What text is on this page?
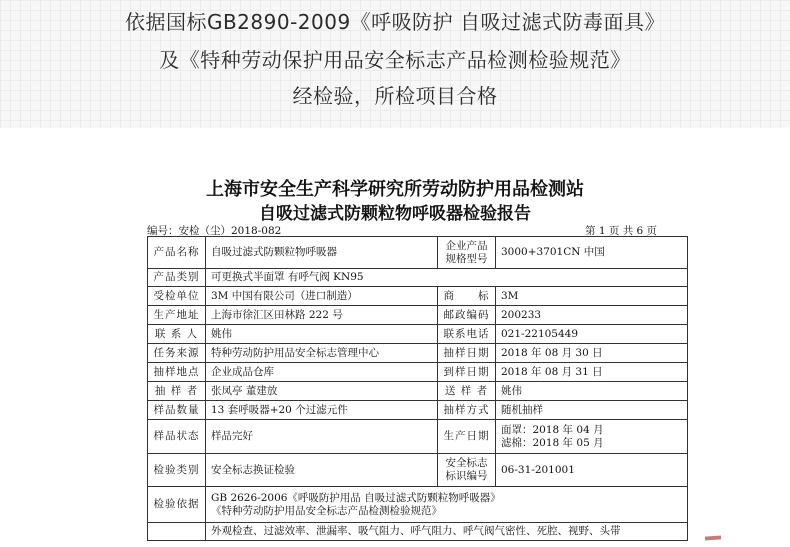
依据国标GB2890-2009《呼吸防护 自吸过滤式防毒面具》
及《特种劳动保护用品安全标志产品检测检验规范》
经检验，所检项目合格
上海市安全生产科学研究所劳动防护用品检测站
自吸过滤式防颗粒物呼吸器检验报告
编号：安检（尘）2018-082	第 1 页 共 6 页
产品名称	自吸过滤式防颗粒物呼吸器	企业产品规格型号	3000+3701CN 中国
产品类别	可更换式半面罩 有呼气阀 KN95		
受检单位	3M 中国有限公司（进口制造）	商　　标	3M
生产地址	上海市徐汇区田林路 222 号	邮政编码	200233
联 系 人	姚伟	联系电话	021-22105449
任务来源	特种劳动防护用品安全标志管理中心	抽样日期	2018 年 08 月 30 日
抽样地点	企业成品仓库	到样日期	2018 年 08 月 31 日
抽 样 者	张凤亭 董建放	送 样 者	姚伟
样品数量	13 套呼吸器+20 个过滤元件	抽样方式	随机抽样
样品状态	样品完好	生产日期	面罩：2018 年 04 月
滤棉：2018 年 05 月

检验类别	安全标志换证检验	安全标志标识编号	06-31-201001
检验依据	GB 2626-2006《呼吸防护用品 自吸过滤式防颗粒物呼吸器》
《特种劳动防护用品安全标志产品检测检验规范》		

	外观检查、过滤效率、泄漏率、吸气阻力、呼气阻力、呼气阀气密性、死腔、视野、头带		
